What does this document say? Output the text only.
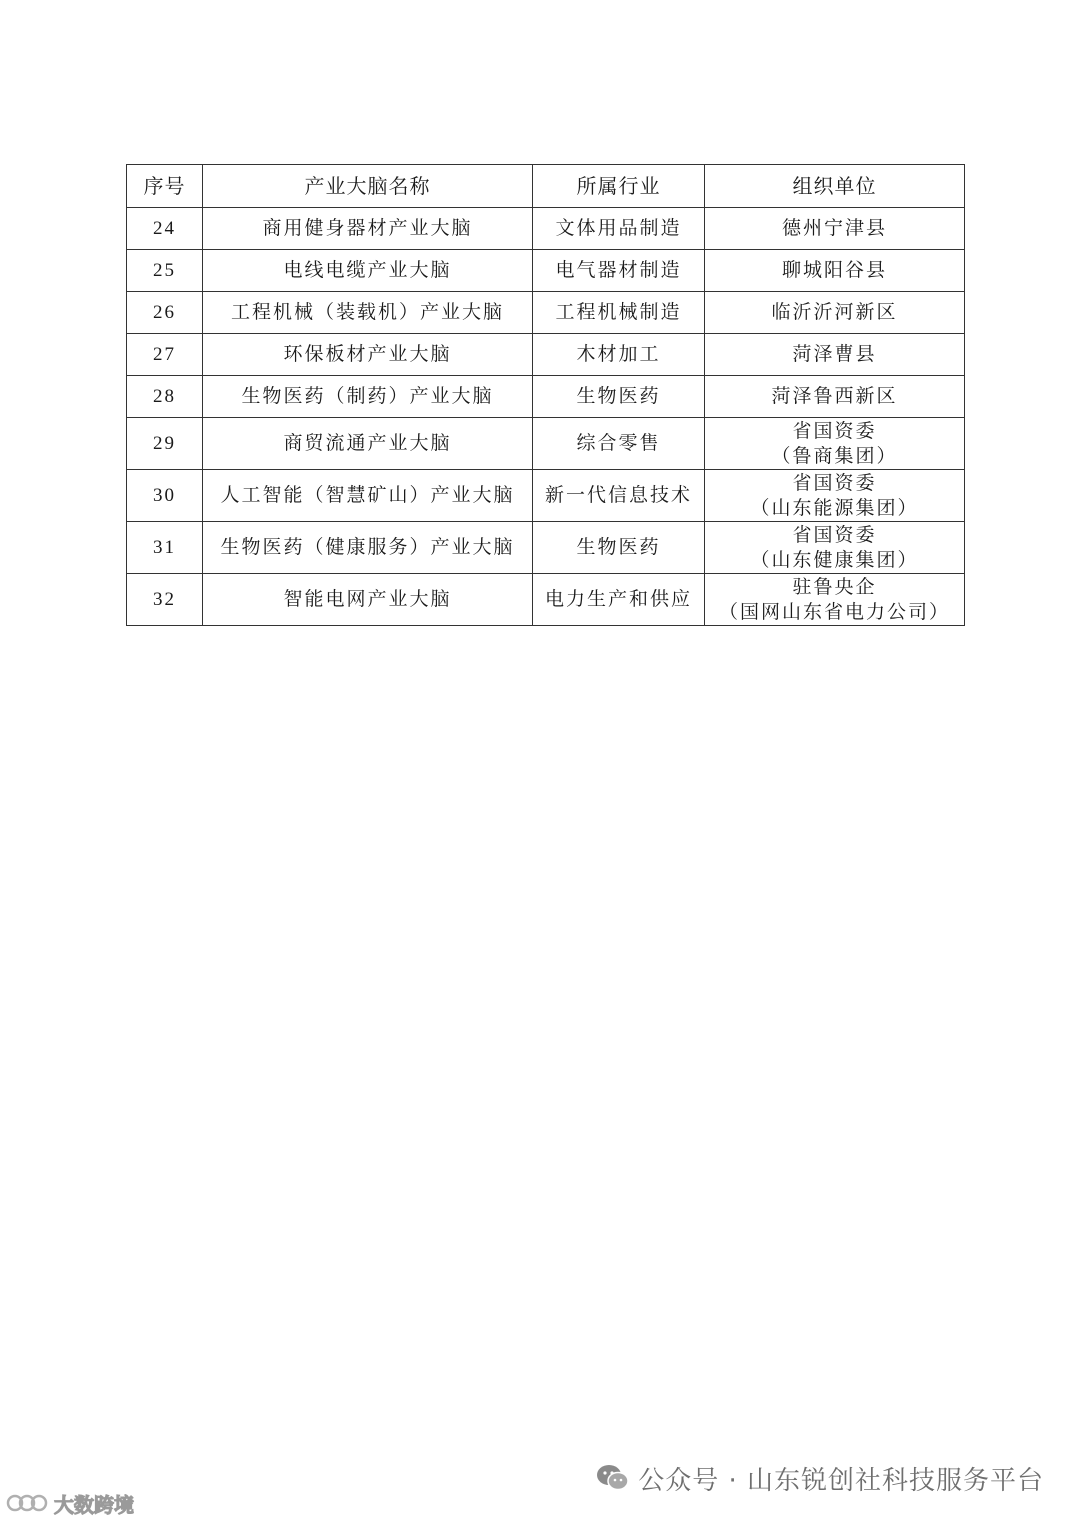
序号	产业大脑名称	所属行业	组织单位
24	商用健身器材产业大脑	文体用品制造	德州宁津县

25	电线电缆产业大脑	电气器材制造	聊城阳谷县

26	工程机械（装载机）产业大脑	工程机械制造	临沂沂河新区

27	环保板材产业大脑	木材加工	菏泽曹县

28	生物医药（制药）产业大脑	生物医药	菏泽鲁西新区

29	商贸流通产业大脑	综合零售	省国资委
（鲁商集团）

30	人工智能（智慧矿山）产业大脑	新一代信息技术	省国资委
（山东能源集团）

31	生物医药（健康服务）产业大脑	生物医药	省国资委
（山东健康集团）

32	智能电网产业大脑	电力生产和供应	驻鲁央企
（国网山东省电力公司）
公众号 · 山东锐创社科技服务平台
大数跨境
